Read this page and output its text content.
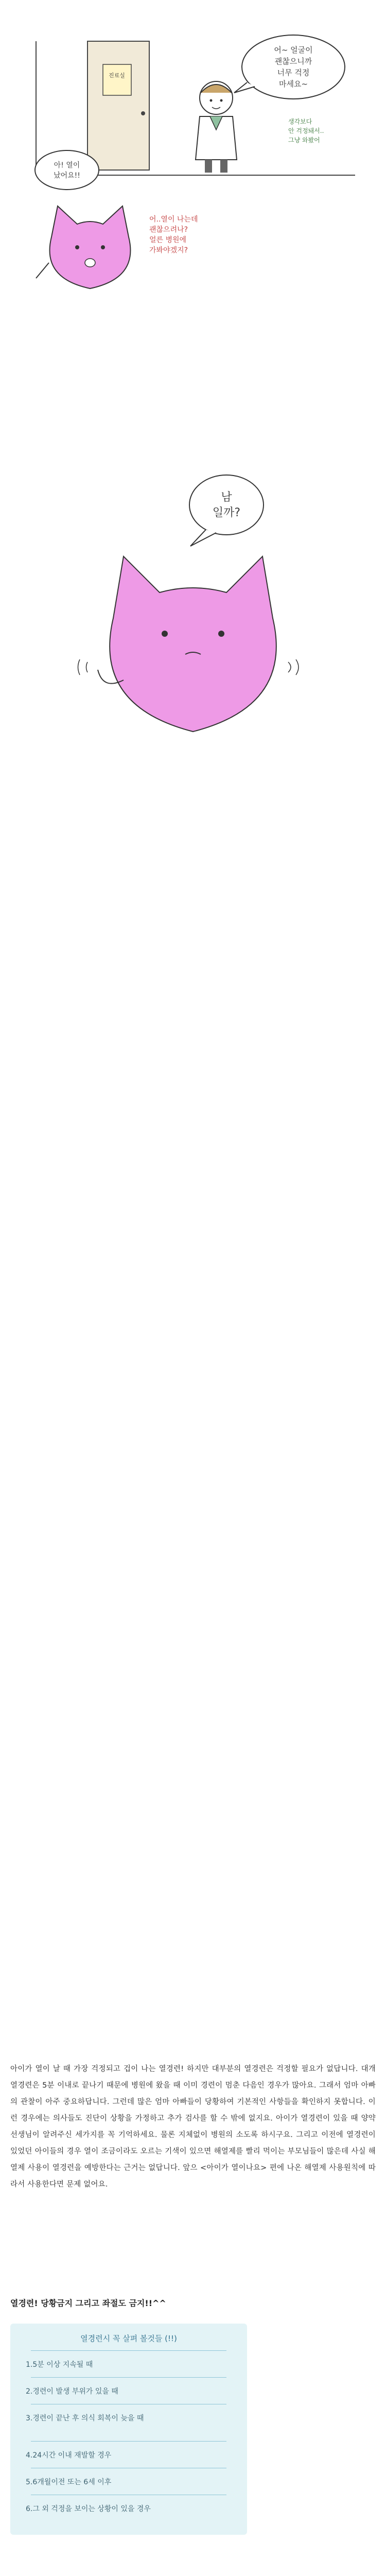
진료실
어~ 얼굴이
괜찮으니까
너무 걱정
마세요~
생각보다
안 걱정돼서..
그냥 와봤어
아! 열이
났어요!!
어..열이 나는데
괜찮으려나?
얼른 병원에
가봐야겠지?
남
일까?

아이가 열이 날 때 가장 걱정되고 겁이 나는 열경련! 하지만 대부분의 열경련은 걱정할 필요가 없답니다. 대개 열경련은 5분 이내로 끝나기 때문에 병원에 왔을 때 이미 경련이 멈춘 다음인 경우가 많아요. 그래서 엄마 아빠의 관찰이 아주 중요하답니다. 그런데 많은 엄마 아빠들이 당황하여 기본적인 사항들을 확인하지 못합니다. 이런 경우에는 의사들도 진단이 상황을 가정하고 추가 검사를 할 수 밖에 없지요. 아이가 열경련이 있을 때 양약 선생님이 알려주신 세가지를 꼭 기억하세요. 물론 지체없이 병원의 소도록 하시구요. 그리고 이전에 열경련이 있었던 아이들의 경우 열이 조금이라도 오르는 기색이 있으면 해열제를 빨리 먹이는 부모님들이 많은데 사실 해열제 사용이 열경련을 예방한다는 근거는 없답니다. 앞으 <아이가 열이나요> 편에 나온 해열제 사용원칙에 따라서 사용한다면 문제 없어요.

열경련! 당황금지 그리고 좌절도 금지!!^^

열경련시 꼭 살펴 볼것들 (!!)

1.5분 이상 지속될 때

2.경련이 발생 부위가 있을 때

3.경련이 끝난 후 의식 회복이 늦을 때

4.24시간 이내 재발할 경우

5.6개월이전 또는 6세 이후

6.그 외 걱정을 보이는 상황이 있을 경우
